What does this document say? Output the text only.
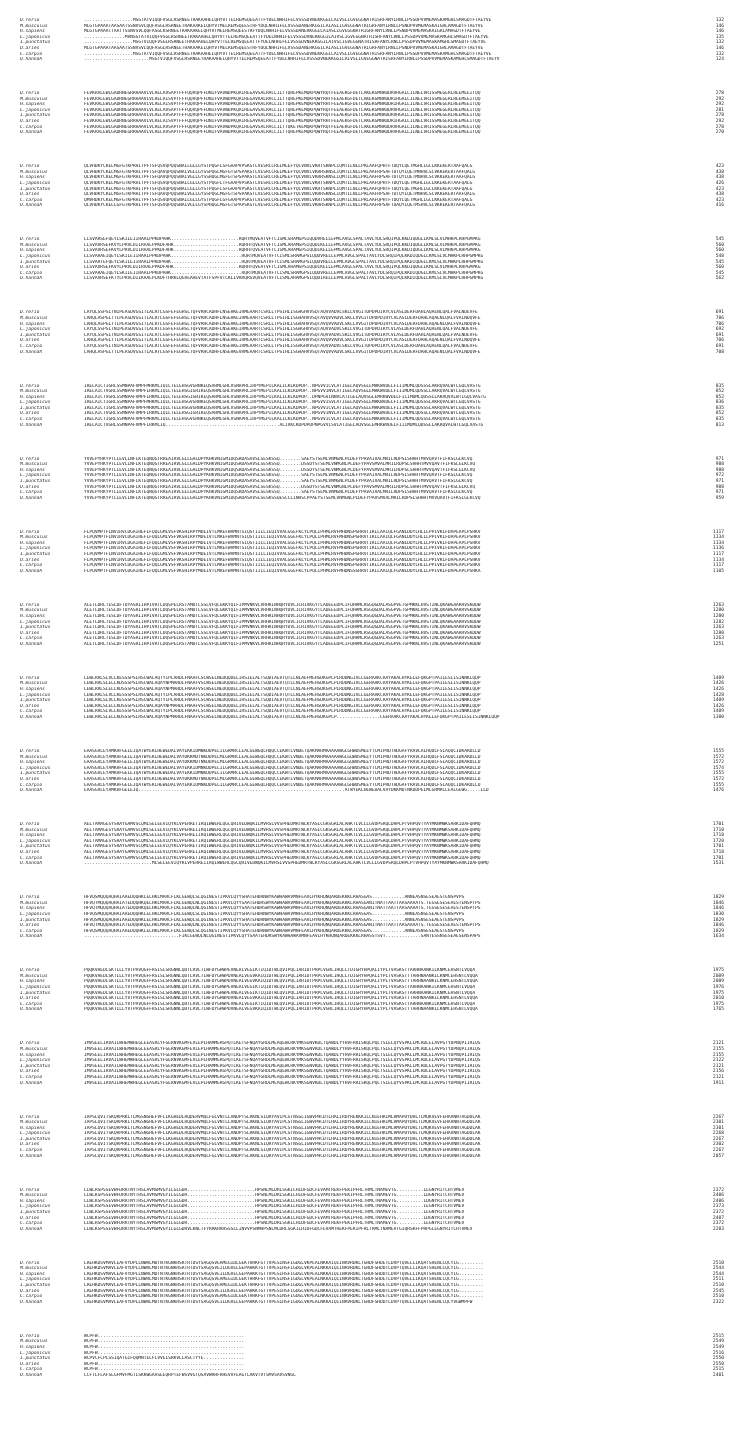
D.rerio	..................MSGTATVIQQFVSGLRSRNEETRAKAAHELQHYVTTELREMSQEEATTFYDELNHHIFELVSSSDVNEKKGGILAIVSLIGVEGGNATRISRFANYLRNLLPSSDPVVMEMASKAMGHLSMAGDTFTAEYVE	132
M.musculus	MLGTGPAAATAASAATSSNVSVLQQFASGLRSRNEETRAKAAKELQHYVTMELREMSQEESTRFYDQLNHHIFELVSSSDANERKGGILAIASLIGVEGGNATRIGRFANYLRNLLPSNDPVVMEMASKAIGRLAMAGDTFTAEYVE	146
H.sapiens	MLGTGPAAATTAATTSSNVSVLQQFASGLKSRNEETRAKAAKELQHYVTMELREMSQEESTRFYDQLNHHIFELVSSSDANERKGGILAIASLIGVEGGNATRIGRFANYLRNLLPSNDPVVMEMASKAIGRLAMAGDTFTAEYVE	146
L.japonicus	...............MVNSGTATVIQQFVSGLRSRNEETRAKAAHELQHYVTTELREMSQEEATTFYDELNHHIFELVSSSDVNEKKGGILAIVSLIGVEGGNATRISRFANYLRNLLPSSDPVVMEMASKAMGHLSMAGDTFTAEYVE	135
I.punctatus	..................MSGTVIQQFVSGLRSRNEETRAKAAHELQHYVTTELREMSQEEATTFYDELNHHIFELVSSSDVNEKKGGILAIVSLIGVEGGNATRISRFANYLRNLLPSSDPVVMEMASKAMGHLSMAGDTFTAEYVE	132
O.aries	MLGTGPAAATAASAATSSNVSVLQQFASGLRSRNEETRAKAAKELQHYVTMELREMSQEESTRFYDQLNHHIFELVSSSDANERKGGILAIASLIGVEGGNATRIGRFANYLRNLLPSNDPVVMEMASKAIGRLAMAGDTFTAEYVE	146
C.carpio	..................MSGTATVIQQFVSGLRSRNEETRAKAAHELQHYVTTELREMSQEEATTFYDELNHHIFELVSSSDVNEKKGGILAIVSLIGVEGGNATRISRFANYLRNLLPSSDPVVMEMASKAMGHLSMAGDTFTAEYVE	132
O.hannah	........................MSGTVIQQFVSGLRSRNEETRAKAAHELQHYVTTELREMSQEEATTFYDELNHHIFELVSSSDVNEKKGGILAIVSLIGVEGGNATRISRFANYLRNLLPSSDPVVMEMASKAMGHLSMAGDTFTAEYV	124
D.rerio	FEVKRALEWLGADRNEGRRHAAVLVLRELAVSAPTFFFQQVQPFFDNIFVAVWDPKQAIREGAVSALRACLILTTQREPKEMQKPQWYRQTFEEAEKGFDETLAKEKGMNRDDRVHGALLILNELVRISSMEGERLREEMEEITQQ	278
M.musculus	FEVKRALEWLGADRNEGRRHAAVLVLRELAISVPTFFFQQVQPFFDNIFVAVWDPKQAIREGAVAALRACLILTTQREPKEMQKPQWYRHTFEEAEKGFDETLAKEKGMNRDDRIHGALLILNELVRISSMEGERLREEMEEITQQ	292
H.sapiens	FEVKRALEWLGADRNEGRRHAAVLVLRELAISVPTFFFQQVQPFFDNIFVAVWDPKQAIREGAVAALRACLILTTQREPKEMQKPQWYRHTFEEAEKGFDETLAKEKGMNRDDRIHGALLILNELVRISSMEGERLREEMEEITQQ	292
L.japonicus	FEVKRALEWLGADRNEGRRHAAVLVLRELAVSAPTFFFQQVQPFFDNIFVAVWDPKQAIREGAVSALRACLILTTQREPKEMQKPQWYRQTFEEAEKGFDETLAKEKGMNRDDRVHGALLILNELVRISSMEGERLREEMEEITQQ	281
I.punctatus	FEVKRALEWLGADRNEGRRHAAVLVLRELAVSAPTFFFQQVQPFFDNIFVAVWDPKQAIREGAVSALRACLILTTQREPKEMQKPQWYRQTFEEAEKGFDETLAKEKGMNRDDRVHGALLILNELVRISSMEGERLREEMEEITQQ	278
O.aries	FEVKRALEWLGADRNEGRRHAAVLVLRELAISVPTFFFQQVQPFFDNIFVAVWDPKQAIREGAVAALRACLILTTQREPKEMQKPQWYRHTFEEAEKGFDETLAKEKGMNRDDRIHGALLILNELVRISSMEGERLREEMEEITQQ	292
C.carpio	FEVKRALEWLGADRNEGRRHAAVLVLRELAVSAPTFFFQQVQPFFDNIFVAVWDPKQAIREGAVSALRACLILTTQKETKEMQKPQWYRQTFEEAEKGFDETLAKEKGMNRDDRVHGALLILNELVRISSMEGERLREEMEEITQQ	278
O.hannah	FEVKRALEWLGADRNEGRRHAAVLVLRELAVSAPTFFFQQVQPFFDNIFVAVWDPKQAIREGAVSALRACLILTTQREPKEMQKPQWYRQTFEEAEKGFDETLAKEKGMNRDDRVHGALLILNELVRISSMEGERLREEMEEITQQ	270
D.rerio	QLVHDKYCKELMGFGTKPRHITPFTSFQSVQPQQSNALLGLLGYSTPQGFLSFGAAPVPSKSTLVESRCCRELMEEFYQCVNVLVKRTSKNPLIQMTILNLLPRLAAFQPHTFTDQYLQETMGHLLGCLKKEKERTAAFQALG	423
M.musculus	QLVHDKYCKELMGFGTKPRHITPFTSFQAVQPQQSNALVGLLGYSSPQGLMGFGTSPSPAKSTLVESRCCRELMEEFYQCVNVLVKRRSKNSLIQMTILNLLPRLAAFRPSAFTDTQYLQETMNHVLSCVKKEKERTAAFQALG	438
H.sapiens	QLVHDKYCKELMGFGTKPRHITPFTSFQAVQPQQSNALVGLLGYSSHQGLMGFGTSPSPAKSTLVESRCCRELMEEFYQCVNVLVKRRSKNSLIQMTILNLLPRLAAFRPSAFTDTQYLQETMNHVLSCVKKEKERTAAFQALG	438
L.japonicus	QLVHDKYCKELMGFGTKPRHITPFTSFQSVQPQQSNALLGLLGYSTPQGFLTFGAAPVPSKSTLVESRCCRELMEEFYQCVNVLVKRTSKNPLIQMTILNLLPRLAAFQPHTFTDQYLQETMGHLLGCLKKEKERTAAFQALG	426
I.punctatus	QLVHDKYCKELMGFGTKPRHITPFTSFQSVQPQQSNALLGLLGYSTPQGFLSFGAAPVPSKSTLVESRCCRELMEEFYQCVNVLVKRTSKNPLIQMTILNLLPRLAAFQPHTFTDQYLQETMGHLLGCLKKEKERTAAFQALG	423
O.aries	QLVHDKYCKELMGFGTKPRHITPFTSFQAVQPQQSNALVGLLGYSSPQGLMGFGTSPSPAKSTLVESRCCRELMEEFYQCVNVLVKRRSKNSLIQMTILNLLPRLAAFRPSAFTDTQYLQETMNHVLSCVKKEKERTAAFQALG	438
C.carpio	QMVHDKYCKELMGFGTKPRHITPFTSFQSVQPQQSNALLGLLGYSTPQGFLGFGAAPVPSKSTLVESRCCRELMEEFYQCVNVLVKRTSKNPLIQMTILNLLPRLAAFQPHTFTDQYLQETMGHLLGCLKKEKERTAAFQALG	423
O.hannah	QLVHDKYCKELLGFGTKPRHITPFTSFQSVQPQQSNALVGLLGYSPHQGLMGFGTSPAPSKSTLVESRCCRELMEEFYQCVNVLVKRRSKNPLIQMTILNLLPRLAAFRPSAFTDAQYLQETMSHVLSCVKKEKERTAAFQALG	416
D.rerio	LLSVARSEFQEYLSKILEIIRAALPPKDPAHK.........................RQRTMQVEATVFTCISMLSRAMGPSIQQDVRELLEPMLAVGLSPALTAVLYDLSRQIPQLKKDIQDGLLKMLSLVLMHKPLRHPGMPKG	545
M.musculus	LLSVAVRSEFKVYLPRVLDIIRAALPPKDFAHK........................RQRHTQVEATVFTCISMLARAMGPSIQQDIKELLEPMLAVGLSPALTAVLYDLSRQIPQLKKDIQDGLLKMLSLVLMHKPLRHPGMPKG	560
H.sapiens	LLSVAVRSEFKVYLPRVLDIIRAALPPKDFAHK........................RQRHTQVEATVFTCISMLARAMGPSIQQDIKELLEPMLAVGLSPALTAVLYDLSRQIPQLKKDIQDGLLKMLSLVLMHKPLRHPGMPKG	560
L.japonicus	LLSVARAEIQEYLSKILEIIRAALPPKDPAHK..........................RQRTMQVEATVFTCISMLSRAMGPSIQQDVRELLEPMLAVGLSPALTAVLYDLSRQIPQLKKDIQDGLLKMLSLVLMHKPLRHPGMPKG	548
I.punctatus	LLSVARTEFQEYLSKILEIIRAALPPKDPAHK..........................RQRTMQVEATVFTCISMLSRAMGPSIQQDVRELLEPMLAVGLSPALTAVLYDLSRQIPQLKKDIQDGLLKMLSLVLMHKPLRHPGMPKG	545
O.aries	LLSVAVRSEFKVYLPRVLDIIRAALPPKDFAHK........................RQRHTQVEATVFTCISMLARAMGPSIQQDIKELLEPMLAVGLSPALTAVLYDLSRQIPQLKKDIQDGLLKMLSLVLMHKPLRHPGMPKG	560
C.carpio	LLSVARAEIQEYLSKILEIIRAALPPKDPAHK..........................RQRTMQVEATVFTCISMLSRAMGPSIQQDVRELLEPMLAVGLSPALTAVLYDLSRQIPQLKKDIQDGLLKMLSLVLMHKPLRHPGMPKG	545
O.hannah	LLSVAVRSEFKTYLPRVLDIIKAALPLKDFTHRKLQGVEAHEVTATFSPFVTCKLIVRRQRSVQVEATVFTCISMLARAMGPSIQQDIRELLEPMLAVGLSPALTAVLYDLSRQIPQLKKDIQDGLLKMLSLVLMHKPLRHPGMPKG	562
D.rerio	LAYQLSSPSLTNIPEASDVGSITLALRTLGSFEFEGHSLTQFVRHCADHFLNSEHKEIRMEAARTCSRLLTPSIHLISGHGHVVSQTAQVVADVLSKLLVVGITDPDPDIRYCVLASLDERFDAHLAQAENLQALFVALNDEVFE	691
M.musculus	LAHQLASPGLTTLPEASDVGSITLALRTLGSFEFEGHSLTQFVRHCADHFLNSEHKEIRMEAARTCSRLLTPSIHLISGHAHVVSQTAVQVVADVLSKLLVVGITDPDPDIRYCVLASLDERFDAHLAQAENLQALFVALNDQVFE	706
H.sapiens	LAHQLASPGLTTLPEASDVGSITLALRTLGSFEFEGHSLTQFVRHCADHFLNSEHKEIRMEAARTCSRLLTPSIHLISGHAHVVSQTAVQVVADVLSKLLVVGITDPDPDIRYCVLASLDERFDAHLAQAENLQALFVALNDQVFE	706
L.japonicus	LAYQLSSPSLTNIPEASDVGSITLALRTLGSFEFEGHSLTQFVRHCADHFLNSEHKEIRMEAARTCSRLLTPSIHLISGHGHVVSQTAQVVADVLSKLLVVGITDPDPDIRYCVLASLDERFDAHLAQAENLQALFVALNDEVFE	692
I.punctatus	LAYQLSSPSLTNIPEASDVGSITLALRTLGSFEFEGHSLTQFVRHCADHFLNSEHKEIRMEAARTCSRLLTPSIHLISGHGHVVSQTAQVVADVLSKLLVVGITDPDPDIRYCVLASLDERFDAHLAQAENLQALFVALNDEVFE	691
O.aries	LAHQLASPGLTTLPEASDVGSITLALRTLGSFEFEGHSLTQFVRHCADHFLNSEHKEIRMEAARTCSRLLTPSIHLISGHAHVVSQTAVQVVADVLSKLLVVGITDPDPDIRYCVLASLDERFDAHLAQAENLQALFVALNDQVFE	706
C.carpio	LAYQLSSPSLTNIPEASDVGSITLALRTLGSFEFEGHSLTQFVRHCADHFLNSEHKEIRMEAARTCSRLLTPSIHLISGHGHVVSQTAQVVADVLSKLLVVGITDPDPDIRYCVLASLDERFDAHLAQAENLQALFVALNDEVFE	691
O.hannah	LAHQLASPGLTTLPEASDVGSITLALRTLGSFEFEGHSLTQFVRHCADHFLNSEHKEVRMEAARTCSRLLTPSIHLISGHAHVVSQTAVQVVADVLSKLLVVGITDPDPDIRYCVLASLDERFDAHLAQAENLQALFVALNDQVFE	708
D.rerio	IRELAICTIGRLSSMNPAFVMPFMRKMLIQILTELEHSGVGRNKEQSARMLGHLVSNAPRLIRPYMEPILKALILKLKDPDP..NPGVVICVLATIGELAQVSGLEMRKWVDELFIIIMDMLQDSSSLAKRQVALWTLGQLVASTG	835
M.musculus	IRELAICTVGRLSSMNPAFVMPFLRKMLIQILTELEHSGIGRIKEQSARMLGHLVSNAPRLIRPYMEPILKALILKLKDPDP..NPGVVINVLATIGELAQVSGLEMRKWVDELFIIIMDMLQDSSLLAKRQVALWTLGQLVASTG	852
H.sapiens	IRELAICTVGRLSSMNPAFVMPFLRKMLIQILTELEHSGIGRIKEQSARMLGHLVSNAPRLIRPYMEPILKALILKLKDPDP..DPNPGVINNVLATIGELAQVSGLEMRKWVDELFIIIMDMLQDSSLLAKRQVALWTLGQLVASTG	852
L.japonicus	IRELAICTIGRLSSMNPAFVMPFMRKMLIQILTELEHSGVGRNKEQSARMLGHLVSNAPRLIRPYMEPILKALILKLKDPDP..NPGVVISVLATIGELAQVSGLEMRKWVDELFIIIMDMLQDSSSLAKRQVALWTLGQLVASTG	836
I.punctatus	IRELAICTIGRLSSMNPAFVMPFMRKMLIQILTELEHSGVGRNKEQSARMLGHLVSNAPRLIRPYMEPILKALILKLKDPDP..NPGVVICVLATIGELAQVSGLEMRKWVDELFIIIMDMLQDSSSLAKRQVALWTLGQLVASTG	835
O.aries	IRELAICTVGRLSSMNPAFVMPFLRKMLIQILTELEHSGIGRIKEQSARMLGHLVSNAPRLIRPYMEPILKALILKLKDPDP..NPGVVINVLATIGELAQVSGLEMRKWVDELFIIIMDMLQDSSLLAKRQVALWTLGQLVASTG	852
C.carpio	IRELAICTIGRLSSMNPAFVMPFMRKMLIQILTELEHSGVGRNKEQSARMLGHLVSNAPRLIRPYMEPILKALILKLKDPDP..NPGVVICVLATIGELAQVSGLEMRKWVDELFIIIMDMLQDSSSLAKRQVALWTLGQLVASTG	835
O.hannah	IRELAICTVGRLSSMNPAFVMPFLRKMLIQ..........................................ALIVKLKDPDPDPNPGVVISVLATIGELAQVSGLEMRKWVDELFIIIMDMLQDSSLLAKRQVALWTLGQLVASTG	813
D.rerio	YVVEPYRKYPTLLEVLLNFLKTEQNQGTRREAIRVLGLLGALDPYKHKVNIGMIDQSRDASAVSLSESKSSQ........SAEYSTSEMLVNMGNLPLDEFYPAVAIVALMRILRDPSLSHHHTMVVQAVTFIFKSLGLKCVQ	971
M.musculus	YVVEPYRKYPTLLEVLLNFLKTEQNQGTRREAIRVLGLLGALDPYKHKVNIGMIDQSRDASAVSLSESKSSQ........DSSDYSTSEMLVNMGNLPLDEFYPAVSMVALMRILRDPSLSHHHTMVVQAVTFIFKSLGLKCVQ	988
H.sapiens	YVVEPYRKYPTLLEVLLNFLKTEQNQGTRREAIRVLGLLGALDPYKHKVNIGMIDQSRDASAVSLSESKSSQ........DSSDYSTSEMLVNMGNLPLDEFYPAVSMVALMRILRDPSLSHHHTMVVQAVTFIFKSLGLKCVQ	988
L.japonicus	YVVEPYRKYPTLLEVLLNFLKTEQNQGTRREAIRVLGLLGALDPYKHKVNIGMIDQSRDASAVSLSESKSSQ........SAEYSTSEMLVNMGNLPLDEFYPAVAIVALMRILRDPSLSHHHTMVVQAVTFIFKSLGLKCVQ	972
I.punctatus	YVVEPYRKYPTLLEVLLNFLKTEQNQGTRREAIRVLGLLGALDPYKHKVNIGMIDQSRDASAVSLSESKSSQ........SAEYSTSEMLVNMGNLPLDEFYPAVAIVALMRILRDPSLSHHHTMVVQAVTFIFKSLGLKCVQ	971
O.aries	YVVEPYRKYPTLLEVLLNFLKTEQNQGTRREAIRVLGLLGALDPYKHKVNIGMIDQSRDASAVSLSESKSSQ........DSSDYSTSEMLVNMGNLPLDEFYPAVSMVALMRILRDPSLSHHHTMVVQAVTFIFKSLGLKCVQ	988
C.carpio	YVVEPYRKYPTLLEVLLNFLKTEQNQGTRREAIRVLGLLGALDPYKHKVNIGMIDQSRDASAVSLSESKSSQ........SAEYSTSEMLVNMGNLPLDEFYPAVAIVALMRILRDPSLSHHHTMVVQAVTFIFKSLGLKCVQ	971
O.hannah	YVVEPYRKYPTLLEVLLNFLKTEQNQGTRREAIRVLGLLGALDPYKHKVNIGMIDQSRDASAVSLSESKSSQESCCLINHSCPPAEYSTSEMLVNMGNLPLDEFYPAVSMVALMRILRDPSLSHHHTMVVQAVTFIFKSLGLKCVQ	959
D.rerio	FLPQVMPTFLNVIRVCDGAIREFLFQQLGMLVSFVKSHIRPYMDEIVTLMREFWVMNTSIQSTIILLIEQIVVALGGEFKLYLPQLIPHMLRVFMHDNSPGRRVTIKLLAAIQLFGANLDDYLHLLLPPIVKLFDAPEAPLPSRKV	1117
M.musculus	FLPQVMPTFLNVIRVCDGAIREFLFQQLGMLVSFVKSHIRPYMDEIVTLMREFWVMNTSIQSTIILLIEQIVVALGGEFKLYLPQLIPHMLRVFMHDNSPGRRVTIKLLAAIQLFGANLDDYLHLLLPPIVKLFDAPEAPLPSRKV	1134
H.sapiens	FLPQVMPTFLNVIRVCDGAIREFLFQQLGMLVSFVKSHIRPYMDEIVTLMREFWVMNTSIQSTIILLIEQIVVALGGEFKLYLPQLIPHMLRVFMHDNSPGRRVTIKLLAAIQLFGANLDDYLHLLLPPIVKLFDAPEAPLPSRKV	1134
L.japonicus	FLPQVMPTFLNVIRVCDGAIREFLFQQLGMLVSFVKSHIRPYMDEIVTLMREFWVMNTSIQSTIILLIEQIVVALGGEFKLYLPQLIPHMLRVFMHDNSPGRRVTIKLLAAIQLFGANLDDYLHLLLPPIVKLFDAPEAPLPSRKV	1136
I.punctatus	FLPQVMPTFLNVIRVCDGAIREFLFQQLGMLVSFVKSHIRPYMDEIVTLMREFWVMNTSIQSTIILLIEQIVVALGGEFKLYLPQLIPHMLRVFMHDNSPGRRVTIKLLAAIQLFGANLDDYLHLLLPPIVKLFDAPEAPLPSRKV	1117
O.aries	FLPQVMPTFLNVIRVCDGAIREFLFQQLGMLVSFVKSHIRPYMDEIVTLMREFWVMNTSIQSTIILLIEQIVVALGGEFKLYLPQLIPHMLRVFMHDNSPGRRVTIKLLAAIQLFGANLDDYLHLLLPPIVKLFDAPEAPLPSRKV	1134
C.carpio	FLPQVMPTFLNVIRVCDGAIREFLFQQLGMLVSFVKSHIRPYMDEIVTLMREFWVMNTSIQSTIILLIEQIVVALGGEFKLYLPQLIPHMLRVFMHDNSPGRRVTIKLLAAIQLFGANLDDYLHLLLPPIVKLFDAPEAPLPSRKV	1117
O.hannah	FLPQVMPTFLNVIRVCDGAIREFLFQQLGMLVSFVKSHIRPYMDEIVTLMREFWVMNTSIQSTIILLIEQIVVALGGEFKLYLPQLIPHMLRVFMHDNSSGRRVTIKLLAAIQLFGANLDDYLHLLLPPIVKLFDAPEAPLPSRKA	1105
D.rerio	ALETLDRLTESLDFTDYASRIIHPIVRTLDQSPELRSTAMDTLSSLVFQLGKKYQIFIPMVNKVLVRHRINHQRYDVLICRIVKGYTLADEEEDPLIFQHRMLRSGQGDALASGPVETGPMKKLHVSTINLQKAWGAARRVSKDDW	1263
M.musculus	ALETLDRLTESLDFTDYASRIIHPIVRTLDQSPELRSTAMDTLSSLVFQLGKKYQIFIPMVNKVLVRHRINHQRYDVLICRIVKGYTLADEEEDPLIFQHRMLRSGQGDALASGPVETGPMKKLHVSTINLQKAWGAARRVSKDDW	1280
H.sapiens	ALETLDRLTESLDFTDYASRIIHPIVRTLDQSPELRSTAMDTLSSLVFQLGKKYQIFIPMVNKVLVRHRINHQRYDVLICRIVKGYTLADEEEDPLIFQHRMLRSGQGDALASGPVETGPMKKLHVSTINLQKAWGAARRVSKDDW	1280
L.japonicus	ALETLDRLTESLDFTDYASRIIHPIVRTLDQSPELRSTAMDTLSSLVFQLGKKYQIFIPMVNKVLVRHRINHQRYDVLICRIVKGYTLADEEEDPLIFQHRMLRSGQGDALASGPVETGPMKKLHVSTINLQKAWGAARRVSKDDW	1282
I.punctatus	ALETLDRLTESLDFTDYASRIIHPIVRTLDQSPELRSTAMDTLSSLVFQLGKKYQIFIPMVNKVLVRHRINHQRYDVLICRIVKGYTLADEEEDPLIFQHRMLRSGQGDALASGPVETGPMKKLHVSTINLQKAWGAARRVSKDDW	1263
O.aries	ALETLDRLTESLDFTDYASRIIHPIVRTLDQSPELRSTAMDTLSSLVFQLGKKYQIFIPMVNKVLVRHRINHQRYDVLICRIVKGYTLADEEEDPLIFQHRMLRSGQGDALASGPVETGPMKKLHVSTINLQKAWGAARRVSKDDW	1280
C.carpio	ALETLDRLTESLDFTDYASRIIHPIVRTLDQSPELRSTAMDTLSSLVFQLGKKYQIFIPMVNKVLVRHRINHQRYDVLICRIVKGYTLADEEEDPLIFQHRMLRSGQGDALASGPVETGPMKKLHVSTINLQKAWGAARRVSKDDW	1263
O.hannah	ALETLDRLTESLDFTDYASRIIHPIVRTLDQSPELRSTAMDTLSSLVFQLGKKYQIFIPMVNKVLVRHRINHQRYDVLICRIVKGYTLADEEEDPLIFQHRMLRSGQGDALASGPVETGPMKKLHVSTINLQKAWGAARRVSKDDW	1251
D.rerio	LEWLRRLSLVLLKESSSPSLRSCWALAQTYIPLARDLFNAAFLSCWSELNEDQQDELIRSIELALTSQDIAEVTQTLLNLAEFMEHSDKGPLPLRDDNGIVLLGERAAKCRAYAKALHYKELEFQKGPTPAILESLISINNKLQQP	1409
M.musculus	LEWLRRLSLELLKDSSSPSLRSCWALAQAYNPMARDLFNAAFVSCWSELNEDQQDELIRSIELALTSQDIAEVTQTLLNLAEFMEHSDKGPLPLRDDNGIVLLGERAAKCRAYAKALHYKELEFQKGPTPAILESLISINNKLQQP	1426
H.sapiens	LEWLRRLSLELLKDSSSPSLRSCWALAQAYNPMARDLFNAAFVSCWSELNEDQQDELIRSIELALTSQDIAEVTQTLLNLAEFMEHSDKGPLPLRDDNGIVLLGERAAKCRAYAKALHYKELEFQKGPTPAILESLISINNKLQQP	1426
L.japonicus	LEWLRRLSLVLLKESSSPSLRSCWALAQTYIPLARDLFNAAFLSCWSELNEDQQDELIRSIELALTSQDIAEVTQTLLNLAEFMEHSDKGPLPLRDDNGIVLLGERAAKCRAYAKALHYKELEFQKGPTPAILESLISINNKLQQP	1428
I.punctatus	LEWLRRLSLVLLKESSSPSLRSCWALAQTYIPLARDLFNAAFLSCWSELNEDQQDELIRSIELALTSQDIAEVTQTLLNLAEFMEHSDKGPLPLRDDNGIVLLGERAAKCRAYAKALHYKELEFQKGPTPAILESLISINNKLQQP	1409
O.aries	LEWLRRLSLELLKDSSSPSLRSCWALAQAYNPMARDLFNAAFVSCWSELNEDQQDELIRSIELALTSQDIAEVTQTLLNLAEFMEHSDKGPLPLRDDNGIVLLGERAAKCRAYAKALHYKELEFQKGPTPAILESLISINNKLQQP	1426
C.carpio	LEWLRRLSLVLLKESSSPSLRSCWALAQTYIPLARDLFNAAFLSCWSELNEDQQDELIRSIELALTSQDIAEVTQTLLNLAEFMEHSDKGPLPLRDDNGIVLLGERAAKCRAYAKALHYKELEFQKGPTPAILESLISINNKLQQP	1409
O.hannah	LEWLRRLSLELLKDSSSPSLRSCWALAQAYNPMARDLFNAAFVSCWSELNEDQQDELIRSIELALTSQDIAEVTQTLLNLAEFMEHSDKGPLP................LGERAAKCRAYAKALHYKELEFQKGPTPAILESLISINNKLQQP	1380
D.rerio	EAASGVLEYAMKHFGELEIQATWYEKLHEWEDALVAYEKKIDMNKDDPELILGRMRCLEALGEWGQLHQQCCEKWTLVNDETQAKMARMAAAAAWGLGHWDSMEEYTCMIPRDTHDGAFYRAVLALHQDLFSLAQQCIDKARDLLD	1555
M.musculus	EAASGVLEYAMKHFGELEIQATWYEKLHEWEDALVAYDKKMDTNKDDPELMLGRMRCLEALGEWGQLHQQCCEKWTLVNDETQAKMARMAAAAAWGLGQWDSMEEYTCMIPRDTHDGAFYRAVLALHQDLFSLAQQCIDKARDLLD	1572
H.sapiens	EAASGVLEYAMKHFGELEIQATWYEKLHEWEDALVAYDKKMDTNKDDPELMLGRMRCLEALGEWGQLHQQCCEKWTLVNDETQAKMARMAAAAAWGLGQWDSMEEYTCMIPRDTHDGAFYRAVLALHQDLFSLAQQCIDKARDLLD	1572
L.japonicus	EAASGVLEYAMKHFGELEIQATWYEKLHEWEDALVAYEKKIDMNKDDPELILGRMRCLEALGEWGQLHQQCCEKWTLVNDETQAKMARMAAAAAWGLGHWDSMEEYTCMIPRDTHDGAFYRAVLALHQDLFSLAQQCIDKARDLLD	1574
I.punctatus	EAASGVLEYAMKHFGELEIQATWYEKLHEWEDALVAYEKKIDMNKDDPELILGRMRCLEALGEWGQLHQQCCEKWTLVNDETQAKMARMAAAAAWGLGHWDSMEEYTCMIPRDTHDGAFYRAVLALHQDLFSLAQQCIDKARDLLD	1555
O.aries	EAASGVLEYAMKHFGELEIQATWYEKLHEWEDALVAYDKKMDTNKDDPELMLGRMRCLEALGEWGQLHQQCCEKWTLVNDETQAKMARMAAAAAWGLGQWDSMEEYTCMIPRDTHDGAFYRAVLALHQDLFSLAQQCIDKARDLLD	1572
C.carpio	EAASGVLEYAMKHFGELEIQATWYEKLHEWEDALVAYEKKIDMNKDDPELILGRMRCLEALGEWGQLHQQCCEKWTLVNDETQAKMARMAAAAAWGLGHWDSMEEYTCMIPRDTHDGAFYRAVLALHQDLFSLAQQCIDKARDLLD	1555
O.hannah	EAASGVLEYAMKHFGELEIQ............................................................................ATWYEKLHEWEDALVAYDKKMDTNKDDPELMLGRMRCLEALGEWG.....LLD	1476
D.rerio	AELTAMAGESYSRAYGAMVSCQMLSELEEVIQYKLVPERRETIRQIWWERLQGCQRIVEDWQKILMVRSLVVSPHEDMRTWLKYASLCGKSGRLALAHKTLVLLLGVDPSRQLDHPLPTVHPQVTYAYMKNMWKSARKIDAFQHMQ	1701
M.musculus	AELTAMAGESYSRAYGAMVSCQMLSELEEVIQYKLVPERREIIRQIWWERLQGCQRIVEDWQKILMVRSLVVSPHEDMRTWLKYASLCGKSGRLALAHKTLVLLLGVDPSRQLDHPLPTVHPQVTYAYMKNMWKSARKIDAFQHMQ	1718
H.sapiens	AELTAMAGESYSRAYGAMVSCQMLSELEEVIQYKLVPERREIIRQIWWERLQGCQRIVEDWQKILMVRSLVVSPHEDMRTWLKYASLCGKSGRLALAHKTLVLLLGVDPSRQLDHPLPTVHPQVTYAYMKNMWKSARKIDAFQHMQ	1718
L.japonicus	AELTAMAGESYSRAYGAMVSCQMLSELEEVIQYKLVPERRETIRQIWWERLQGCQRIVEDWQKILMVRSLVVSPHEDMRTWLKYASLCGKSGRLALAHKTLVLLLGVDPSRQLDHPLPTVHPQVTYAYMKNMWKSARKIDAFQHMQ	1720
I.punctatus	AELTAMAGESYSRAYGAMVSCQMLSELEEVIQYKLVPERRETIRQIWWERLQGCQRIVEDWQKILMVRSLVVSPHEDMRTWLKYASLCGKSGRLALAHKTLVLLLGVDPSRQLDHPLPTVHPQVTYAYMKNMWKSARKIDAFQHMQ	1701
O.aries	AELTAMAGESYSRAYGAMVSCQMLSELEEVIQYKLVPERREIIRQIWWERLQGCQRIVEDWQKILMVRSLVVSPHEDMRTWLKYASLCGKSGRLALAHKTLVLLLGVDPSRQLDHPLPTVHPQVTYAYMKNMWKSARKIDAFQHMQ	1718
C.carpio	AELTAMAGESYSRAYGAMVSCQMLSELEEVIQYKLVPERRETIRQIWWERLQGCQRIVEDWQKILMVRSLVVSPHEDMRTWLKYASLCGKSGRLALAHKTLVLLLGVDPSRQLDHPLPTVHPQVTYAYMKNMWKSARKIDAFQHMQ	1701
O.hannah	.........................MLSELEEVIQYKLVPERREIIRQIWWERLQGCQRIVEDWQKILMVRSLVVSPHEDMRTWLKYASLCGKSGRLALAHKTLVLLLGVDPSRQLDHPLPTVHPQVTYAYMKNMWKSARKIDAFQHMQ	1531
D.rerio	HFVQSMQQQAQHAIAAEDQQHKLELHKLMARCFLKLGEWQLSLQGINESTIPKVLQYYSHATEHDRNWYKAWHAWAVMNFEAVLHYKHQNQARDEKKKLRHASGAS............ANNEASNSESEAESTENSPVPS	1829
M.musculus	HFVQTMQQQAQHAIATEDQQHKQELHKLMARCFLKLGEWQLNLQGINESTIPKVLQYYSAATEHDRSWYKAWHAWAVMNFEAVLHYKHQNQARDEKKKLRHASGANITNATTAATTAASAAAATS.TEGSESESEAESTENSPTPS	1846
H.sapiens	HFVQTMQQQAQHAIATEDQQHKQELHKLMARCFLKLGEWQLNLQGINESTIPKVLQYYSAATEHDRSWYKAWHAWAVMNFEAVLHYKHQNQARDEKKKLRHASGANITNATTAATTAASAAAATS.TEGSESESEAESTENSPTPS	1846
L.japonicus	HFVQSMQQQAQHAIAAEDQQHKLELHKLMARCFLKLGEWQLSLQGINESTIPKVLQYYSHATEHDRNWYKAWHAWAVMNFEAVLHYKHQNQARDEKKKLRHASGAS............ANNEASNSESEAESTENSPVPS	1830
I.punctatus	HFVQSMQQQAQHAIAAEDQQHKLELHKLMARCFLKLGEWQLSLQGINESTIPKVLQYYSHATEHDRNWYKAWHAWAVMNFEAVLHYKHQNQARDEKKKLRHASGAS............ANNEASNSESEAESTENSPVPS	1829
O.aries	HFVQTMQQQAQHAIATEDQQHKQELHKLMARCFLKLGEWQLNLQGINESTIPKVLQYYSAATEHDRSWYKAWHAWAVMNFEAVLHYKHQNQARDEKKKLRHASGANITNATTAATTAASAAAATS.TEGSESESEAESTENSPTPS	1846
C.carpio	HFVQSMQQQAQHAIAAEDQQHKLELHKLMARCFLKLGEWQLSLQGINESTIPKVLQYYSHATEHDRNWYKAWHAWAVMNFEAVLHYKHQNQARDEKKKLRHASGAS............ANNEASNSESEAESTENSPVPS	1829
O.hannah	...................................FIKLGEWQLNLQGINESTIPKVLQYYSAATEHDRSWYKAWHAWAVMNFEAVLHYKHQNQARDEKKKLRHASSTSVT.............SANTESSNSESEAESENSPAPS	1634
D.rerio	PQQKVHEDLSKTLLLYVTPAVQGFFRSISLSRGNNLQDTLRVLTLWFDYGHWPEVNEALVEGIKTIQIDTWLQVIPQLIARIDTPRPLVGRLIHQLLTDIGRYHPQALIYPLTVASKSTTARHNAANKILKNMCEHSNTLVQQA	1975
M.musculus	PQQKVHEDLSKTLLLYVTPAVQGFFRSISLSRGNNLQDTLRVLTLWFDYGHWPDVNEALVEGVKAIQIDTWLQVIPQLIARIDTPRPLVGRLIHQLLTDIGRYHPQALIYPLTVASKSTTTARHNAANKILKNMCEHSNTLVQQA	2009
H.sapiens	PQQKVHEDLSKTLLLYVTPAVQGFFRSISLSRGNNLQDTLRVLTLWFDYGHWPDVNEALVEGVKAIQIDTWLQVIPQLIARIDTPRPLVGRLIHQLLTDIGRYHPQALIYPLTVASKSTTTARHNAANKILKNMCEHSNTLVQQA	2009
L.japonicus	PQQKVHEDLSKTLLLYVTPAVQGFFRSISLSRGNNLQDTLRVLTLWFDYGHWPEVNEALVEGIKTIQIDTWLQVIPQLIARIDTPRPLVGRLIHQLLTDIGRYHPQALIYPLTVASKSTTARHNAANKILKNMCEHSNTLVQQA	1976
I.punctatus	PQQKVHEDLSKTLLLYVTPAVQGFFRSISLSRGNNLQDTLRVLTLWFDYGHWPEVNEALVEGIKTIQIDTWLQVIPQLIARIDTPRPLVGRLIHQLLTDIGRYHPQALIYPLTVASKSTTARHNAANKILKNMCEHSNTLVQQA	1975
O.aries	PQQKVHEDLSKTLLLYVTPAVQGFFRSISLSRGNNLQDTLRVLTLWFDYGHWPDVNEALVEGVKAIQIDTWLQVIPQLIARIDTPRPLVGRLIHQLLTDIGRYHPQALIYPLTVASKSTTTARHNAANKILKNMCEHSNTLVQQA	2010
C.carpio	PQQKVHEDLSKTLLLYVTPAVQGFFRSISLSRGNNLQDTLRVLTLWFDYGHWPEVNEALVEGIKTIQIDTWLQVIPQLIARIDTPRPLVGRLIHQLLTDIGRYHPQALIYPLTVASKSTTARHNAANKILKNMCEHSNTLVQQA	1975
O.hannah	PQQKVHEDLSKTLLLYVTPAVQGFFRSISLSRGNNLQDTLRVLTLWFDYGHWPDVNEALVEGVKAIQIDTWLQVIPQLIARIDTPRPLVGRLIHQLLTDIGRYHPQALIYPLTVASKSTTTARHNAANKILKNMCEHSNTLVQQA	1765
D.rerio	IMVSEELIRVAILWHEMWHEGLEEASRLYFGERNVKGMFEVLEPLHAMMERGPQTLKETSFNQAYGRDLMEAQEWCRKYMKSGNVKDLTQAWDLYYHVFRRISKQLPQLTSLELQYVSPKLLMCRDLELAVPGTYDPNQPIIRIQS	2121
M.musculus	IMVSEELIRVAILWHEMWHEGLEEASRLYFGERNVKGMFEVLEPLHAMMERGPQTLKETSFNQAYGRDLMEAQEWCRKYMKSGNVKDLTQAWDLYYHVFRRISKQLPQLTSLELQYVSPKLLMCRDLELAVPGTYDPNQPIIRIQS	2155
H.sapiens	IMVSEELIRVAILWHEMWHEGLEEASRLYFGERNVKGMFEVLEPLHAMMERGPQTLKETSFNQAYGRDLMEAQEWCRKYMKSGNVKDLTQAWDLYYHVFRRISKQLPQLTSLELQYVSPKLLMCRDLELAVPGTYDPNQPIIRIQS	2155
L.japonicus	IMVSEELIRVAILWHEMWHEGLEEASRLYFGERNVKGMFEVLEPLHAMMERGPQTLKETSFNQAYGRDLMEAQEWCRKYMKSGNVKDLTQAWDLYYHVFRRISKQLPQLTSLELQYVSPKLLMCRDLELAVPGTYDPNQPIIRIQS	2122
I.punctatus	IMVSEELIRVAILWHEMWHEGLEEASRLYFGERNVKGMFEVLEPLHAMMERGPQTLKETSFNQAYGRDLMEAQEWCRKYMKSGNVKDLTQAWDLYYHVFRRISKQLPQLTSLELQYVSPKLLMCRDLELAVPGTYDPNQPIIRIQS	2121
O.aries	IMVSEELIRVAILWHEMWHEGLEEASRLYFGERNVKGMFEVLEPLHAMMERGPQTLKETSFNQAYGRDLMEAQEWCRKYMKSGNVKDLTQAWDLYYHVFRRISKQLPQLTSLELQYVSPKLLMCRDLELAVPGTYDPNQPIIRIQS	2156
C.carpio	IMVSEELIRVAILWHEMWHEGLEEASRLYFGERNVKGMFEVLEPLHAMMERGPQTLKETSFNQAYGRDLMEAQEWCRKYMKSGNVKDLTQAWDLYYHVFRRISKQLPQLTSLELQYVSPKLLMCRDLELAVPGTYDPNQPIIRIQS	2121
O.hannah	IMVSEELIRVAILWHEMWHEGLEEASRLYFGERNVKGMFEVLEPLHAMMERGPQTLKETSFNQAYGRDLMEAQEWCRKYMKSGNVKDLTQAWDLYYHVFRRISKQLPQLTSLELQYVSPKLLMCRDLELAVPGTYDPNQPIIRIQS	1911
D.rerio	IAPSLQVITSKQRPRKLTLMGSNGHEFVFLLKGHEDLRQDERVMQLFGLVNTLLANDPTSLRKNLSIQRYAVIPLSTNSGLIGWVPHCDTLHALIRDYREKKKILLNIEHRIMLRMAPDYDHLTLMQKVEVFEHAVNNTAGDDLAK	2267
M.musculus	IAPSLQVITSKQRPRKLTLMGSNGHEFVFLLKGHEDLRQDERVMQLFGLVNTLLANDPTSLRKNLSIQRYAVIPLSTNSGLIGWVPHCDTLHALIRDYREKKKILLNIEHRIMLRMAPDYDHLTLMQKVEVFEHAVNNTAGDDLAK	2301
H.sapiens	IAPSLQVITSKQRPRKLTLMGSNGHEFVFLLKGHEDLRQDERVMQLFGLVNTLLANDPTSLRKNLSIQRYAVIPLSTNSGLIGWVPHCDTLHALIRDYREKKKILLNIEHRIMLRMAPDYDHLTLMQKVEVFEHAVNNTAGDDLAK	2301
L.japonicus	IAPSLQVITSKQRPRKLTLMGSNGHEFVFLLKGHEDLRQDERVMQLFGLVNTLLANDPTSLRKNLSIQRYAVIPLSTNSGLIGWVPHCDTLHALIRDYREKKKILLNIEHRIMLRMAPDYDHLTLMQKVEVFEHAVNNTAGDDLAK	2268
I.punctatus	IAPSLQVITSKQRPRKLTLMGSNGHEFVFLLKGHEDLRQDERVMQLFGLVNTLLANDPTSLRKNLSIQRYAVIPLSTNSGLIGWVPHCDTLHALIRDYREKKKILLNIEHRIMLRMAPDYDHLTLMQKVEVFEHAVNNTAGDDLAK	2267
O.aries	IAPSLQVITSKQRPRKLTLMGSNGHEFVFLLKGHEDLRQDERVMQLFGLVNTLLANDPTSLRKNLSIQRYAVIPLSTNSGLIGWVPHCDTLHALIRDYREKKKILLNIEHRIMLRMAPDYDHLTLMQKVEVFEHAVNNTAGDDLAK	2302
C.carpio	IAPSLQVITSKQRPRKLTLMGSNGHEFVFLLKGHEDLRQDERVMQLFGLVNTLLANDPTSLRKNLSIQRYAVIPLSTNSGLIGWVPHCDTLHALIRDYREKKKILLNIEHRIMLRMAPDYDHLTLMQKVEVFEHAVNNTAGDDLAK	2267
O.hannah	IAPSLQVITSKQRPRKLTLMGSNGHEFVFLLKGHEDLRQDERVMQLFGLVNTLLANDPTSLRKNLSIQRYAVIPLSTNSGLIGWVPHCDTLHALIRDYREKKKILLNIEHRIMLRMAPDYDHLTLMQKVEVFEHAVNNTAGDDLAK	2057
D.rerio	LLWLRSPSSEVWFDRRTNYTRSLAVMSMVGYILGLGDR.........................HPSNLMLDRLSGKILHIDFGDCFEVAMTREKFPEKIPFRLTRMLTNAMEVTG..........LEGNYRITCHTVMEV	2372
M.musculus	LLWLKSPSSEVWFDRRTNYTRSLAVMSMVGYILGLGDR.........................HPSNLMLDRLSGKILHIDFGDCFEVAMTREKFPEKIPFRLTRMLTNAMEVTG..........LDGNYRITCHTVMEV	2406
H.sapiens	LLWLKSPSSEVWFDRRTNYTRSLAVMSMVGYILGLGDR.........................HPSNLMLDRLSGKILHIDFGDCFEVAMTREKFPEKIPFRLTRMLTNAMEVTG..........LDGNYRITCHTVMEV	2406
L.japonicus	LLWLRSPSSEVWFDRRTNYTRSLAVMSMVGYILGLGDR.........................HPSNLMLDRLSGKILHIDFGDCFEVAMTREKFPEKIPFRLTRMLTNAMEVTG..........LEGNYRITCHTVMEV	2373
I.punctatus	LLWLRSPSSEVWFDRRTNYTRSLAVMSMVGYILGLGDR.........................HPSNLMLDRLSGKILHIDFGDCFEVAMTREKFPEKIPFRLTRMLTNAMEVTG..........LEGNYRITCHTVMEV	2372
O.aries	LLWLKSPSSEVWFDRRTNYTRSLAVMSMVGYILGLGDR.........................HPSNLMLDRLSGKILHIDFGDCFEVAMTREKFPEKIPFRLTRMLTNAMEVTG..........LDGNYRITCHTVMEV	2407
C.carpio	LLWLRSPSSEVWFDRRTNYTRSLAVMSMVGYILGLGDR.........................HPSNLMLDRLSGKILHIDFGDCFEVAMTREKFPEKIPFRLTRMLTNAMEVTG..........LEGNYRITCHTVMEV	2372
O.hannah	LLWLKSPSSEVWFDRRTNYTRSLAVMSMVGYILGLGDRVLKNLTFYRRKRRRSSSLLINVVPSNMHPSNLMLDRLSGKILHIDFGDCFEVAMTREKFPEKIPFRLTRMLTNAMEVTGIQRSKFFPRPGLEGNYRITCHTVMEV	2203
D.rerio	LREHKDSVMAVLEAFVYDPLLNWRLMDTNTKGNKRSKTRTDSYSAGQSVEAMEGIDLGEKTHRKFGTTVPESINSFIGDGLVKPEALNKKAIQIINRVRDKLTGRDFSHDETLDVPTQVELLIKQATSHENLCQCYIG.........	2510
M.musculus	LREHKDSVMAVLEAFVYDPLLNWRLMDTNTKGNKRSRTRTDSYSAGQSVEILDGVELGEPAHKKTGTTVPESIHSFIGDGLVKPEALNKKAIQIINRVRDKLTGRDFSHDDTLDVPTQVELLIKQATSHENLCQCYIG.........	2544
H.sapiens	LREHKDSVMAVLEAFVYDPLLNWRLMDTNTKGNKRSRTRTDSYSAGQSVEILDGVELGEPAHKKTGTTVPESIHSFIGDGLVKPEALNKKAIQIINRVRDKLTGRDFSHDDTLDVPTQVELLIKQATSHENLCQCYIG.........	2544
L.japonicus	LREHKDSVMAVLEAFVYDPLLNWRLMDTNTKGNKRSKTRTDSYSAGQSVEAMEGIDLGEKTHRKFGTTVPESINSFIGDGLVKPEALNKKAIQIINRVRDKLTGRDFSHDETLDVPTQVELLIKQATSHENLCQCYIG.........	2511
I.punctatus	LREHKDSVMAVLEAFVYDPLLNWRLMDTNTKGNKRSKTRTDSYSAGQSVEAMEGIDLGEKTHRKFGTTVPESINSFIGDGLVKPEALNKKAIQIINRVRDKLTGRDFSHDETLDVPTQVELLIKQATSHENLCQCYIG.........	2510
O.aries	LREHKDSVMAVLEAFVYDPLLNWRLMDTNTKGNKRSRTRTDSYSAGQSVEILDGVELGEPAHKKTGTTVPESIHSFIGDGLVKPEALNKKAIQIINRVRDKLTGRDFSHDDTLDVPTQVELLIKQATSHENLCQCYIG.........	2545
C.carpio	LREHKDSVMAVLEAFVYDPLLNWRLMDTNTKGNKRSKTRTDSYSAGQSVEAMEGIDLGEKTHRKFGTTVPESINSFIGDGLVKPEALNKKAIQIINRVRDKLTGRDFSHDETLDVPTQVELLIKQATSHENLCQCYIG.........	2510
O.hannah	LREHKDSVMAVLEAFVYDPLLNWRLMDTNTKGNKRSRTRTDSYSAGQSVEILDGVELGEPAHKKTGTTVPESIHSFIGDGLVKPEALNKKAIQIINRVRDKLTGRDFSHDDTLDVPTQVELLIKQATSHENLCQCYVGWMPFW	2322
D.rerio	WCPFW......................................................	2515
M.musculus	WCPFW......................................................	2549
H.sapiens	WCPFW......................................................	2549
L.japonicus	WCPFW......................................................	2516
I.punctatus	WCPVCFCPLSSIQATGIFQQMNTELFLVVELSRKVLLASCTYYE...............	2550
O.aries	WCPFW......................................................	2550
C.carpio	WCPFW......................................................	2515
O.hannah	LCFTLFLAFSLGFMVFMGTLSKKWGAASEEQRPTEFWSVVGTQSAVWRRFRHEVVFEAGTLAKVTVTSMVSAVSVNGL	2401
